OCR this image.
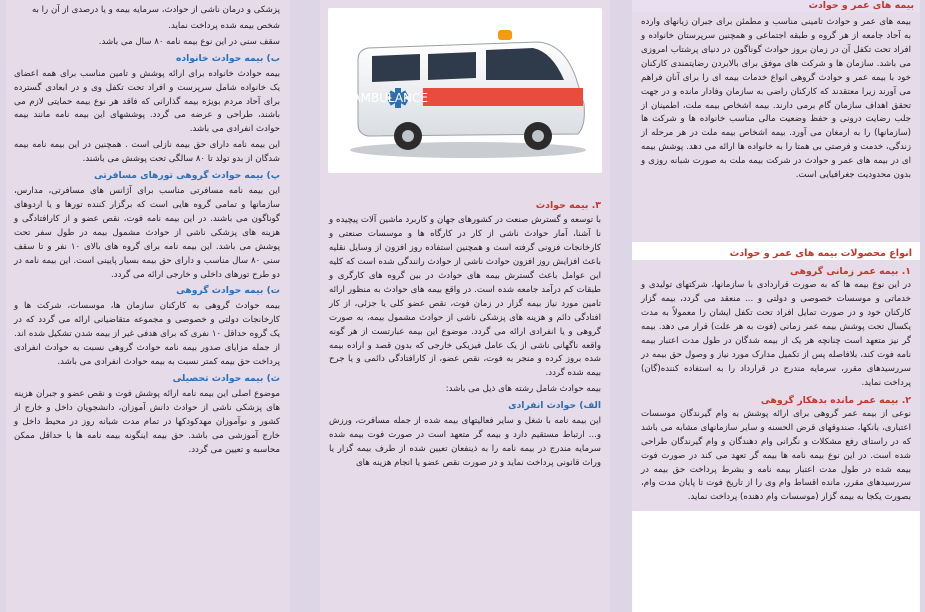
پزشکی و درمان ناشی از حوادث، سرمایه بیمه و یا درصدی از آن را به

شخص بیمه شده پرداخت نماید.

سقف سنی در این نوع بیمه نامه ۸۰ سال می باشد.

ب) بیمه حوادث خانواده

بیمه حوادث خانواده برای ارائه پوشش و تامین مناسب برای همه اعضای یک خانواده شامل سرپرست و افراد تحت تکفل وی و در ابعادی گسترده برای آحاد مردم بویژه بیمه گذارانی که فاقد هر نوع بیمه حمایتی لازم می باشند، طراحی و عرضه می گردد. پوششهای این بیمه نامه مانند بیمه حوادث انفرادی می باشد.

این بیمه نامه دارای حق بیمه نازلی است . همچنین در این بیمه نامه بیمه شدگان از بدو تولد تا ۸۰ سالگی تحت پوشش می باشند.

پ) بیمه حوادث گروهی تورهای مسافرتی

این بیمه نامه مسافرتی مناسب برای آژانس های مسافرتی، مدارس، سازمانها و تمامی گروه هایی است که برگزار کننده تورها و یا اردوهای گوناگون می باشند. در این بیمه نامه فوت، نقص عضو و از کارافتادگی و هزینه های پزشکی ناشی از حوادث مشمول بیمه در طول سفر تحت پوشش می باشد. این بیمه نامه برای گروه های بالای ۱۰ نفر و تا سقف سنی ۸۰ سال مناسب و دارای حق بیمه بسیار پایینی است. این بیمه نامه در دو طرح تورهای داخلی و خارجی ارائه می گردد.

ت) بیمه حوادث گروهی

بیمه حوادث گروهی به کارکنان سازمان ها، موسسات، شرکت ها و کارخانجات دولتی و خصوصی و مجموعه متقاضیانی ارائه می گردد که در یک گروه حداقل ۱۰ نفری که برای هدفی غیر از بیمه شدن تشکیل شده اند. از جمله مزایای صدور بیمه نامه حوادث گروهی نسبت به حوادث انفرادی پرداخت حق بیمه کمتر نسبت به بیمه حوادث انفرادی می باشد.

ث) بیمه حوادث تحصیلی

موضوع اصلی این بیمه نامه ارائه پوشش فوت و نقص عضو و جبران هزینه های پزشکی ناشی از حوادث دانش آموزان، دانشجویان داخل و خارج از کشور و نوآموزان مهدکودکها در تمام مدت شبانه روز در محیط داخل و خارج آموزشی می باشد. حق بیمه اینگونه بیمه نامه ها با حداقل ممکن محاسبه و تعیین می گردد.

AMBULANCE
۳. بیمه حوادث

با توسعه و گسترش صنعت در کشورهای جهان و کاربرد ماشین آلات پیچیده و نا آشنا، آمار حوادث ناشی از کار در کارگاه ها و موسسات صنعتی و کارخانجات فزونی گرفته است و همچنین استفاده روز افزون از وسایل نقلیه باعث افزایش روز افزون حوادث ناشی از حوادث رانندگی شده است که کلیه این عوامل باعث گسترش بیمه های حوادث در بین گروه های کارگری و طبقات کم درآمد جامعه شده است. در واقع بیمه های حوادث به منظور ارائه تامین مورد نیاز بیمه گزار در زمان فوت، نقص عضو کلی یا جزئی، از کار افتادگی دائم و هزینه های پزشکی ناشی از حوادث مشمول بیمه، به صورت گروهی و یا انفرادی ارائه می گردد. موضوع این بیمه عبارتست از هر گونه واقعه ناگهانی ناشی از یک عامل فیزیکی خارجی که بدون قصد و اراده بیمه شده بروز کرده و منجر به فوت، نقص عضو، از کارافتادگی دائمی و یا جرح بیمه شده گردد.

بیمه حوادث شامل رشته های ذیل می باشد:

الف) حوادث انفرادی

این بیمه نامه با شغل و سایر فعالیتهای بیمه شده از جمله مسافرت، ورزش و... ارتباط مستقیم دارد و بیمه گر متعهد است در صورت فوت بیمه شده سرمایه مندرج در بیمه نامه را به ذینفعان تعیین شده از طرف بیمه گزار یا وراث قانونی پرداخت نماید و در صورت نقص عضو یا انجام هزینه های

بیمه های عمر و حوادث

بیمه های عمر و حوادث تامینی مناسب و مطمئن برای جبران زیانهای وارده به آحاد جامعه از هر گروه و طبقه اجتماعی و همچنین سرپرستان خانواده و افراد تحت تکفل آن در زمان بروز حوادث گوناگون در دنیای پرشتاب امروزی می باشد. سازمان ها و شرکت های موفق برای بالابردن رضایتمندی کارکنان خود با بیمه عمر و حوادث گروهی انواع خدمات بیمه ای را برای آنان فراهم می آورند زیرا معتقدند که کارکنان راضی به سازمان وفادار مانده و در جهت تحقق اهداف سازمان گام برمی دارند. بیمه اشخاص بیمه ملت، اطمینان از جلب رضایت درونی و حفظ وضعیت مالی مناسب خانواده ها و شرکت ها (سازمانها) را به ارمغان می آورد. بیمه اشخاص بیمه ملت در هر مرحله از زندگی، خدمت و فرصتی بی همتا را به خانواده ها ارائه می دهد. پوشش بیمه ای در بیمه های عمر و حوادث در شرکت بیمه ملت به صورت شبانه روزی و بدون محدودیت جغرافیایی است.

انواع محصولات بیمه های عمر و حوادث
۱. بیمه عمر زمانی گروهی

در این نوع بیمه ها که به صورت قراردادی با سازمانها، شرکتهای تولیدی و خدماتی و موسسات خصوصی و دولتی و ... منعقد می گردد، بیمه گزار کارکنان خود و در صورت تمایل افراد تحت تکفل ایشان را معمولاً به مدت یکسال تحت پوشش بیمه عمر زمانی (فوت به هر علت) قرار می دهد. بیمه گر نیز متعهد است چنانچه هر یک از بیمه شدگان در طول مدت اعتبار بیمه نامه فوت کند، بلافاصله پس از تکمیل مدارک مورد نیاز و وصول حق بیمه در سررسیدهای مقرر، سرمایه مندرج در قرارداد را به استفاده کننده(گان) پرداخت نماید.

۲. بیمه عمر مانده بدهکار گروهی

نوعی از بیمه عمر گروهی برای ارائه پوشش به وام گیرندگان موسسات اعتباری، بانکها، صندوقهای قرض الحسنه و سایر سازمانهای مشابه می باشد که در راستای رفع مشکلات و نگرانی وام دهندگان و وام گیرندگان طراحی شده است. در این نوع بیمه نامه ها بیمه گر تعهد می کند در صورت فوت بیمه شده در طول مدت اعتبار بیمه نامه و بشرط پرداخت حق بیمه در سررسیدهای مقرر، مانده اقساط وام وی را از تاریخ فوت تا پایان مدت وام، بصورت یکجا به بیمه گزار (موسسات وام دهنده) پرداخت نماید.
